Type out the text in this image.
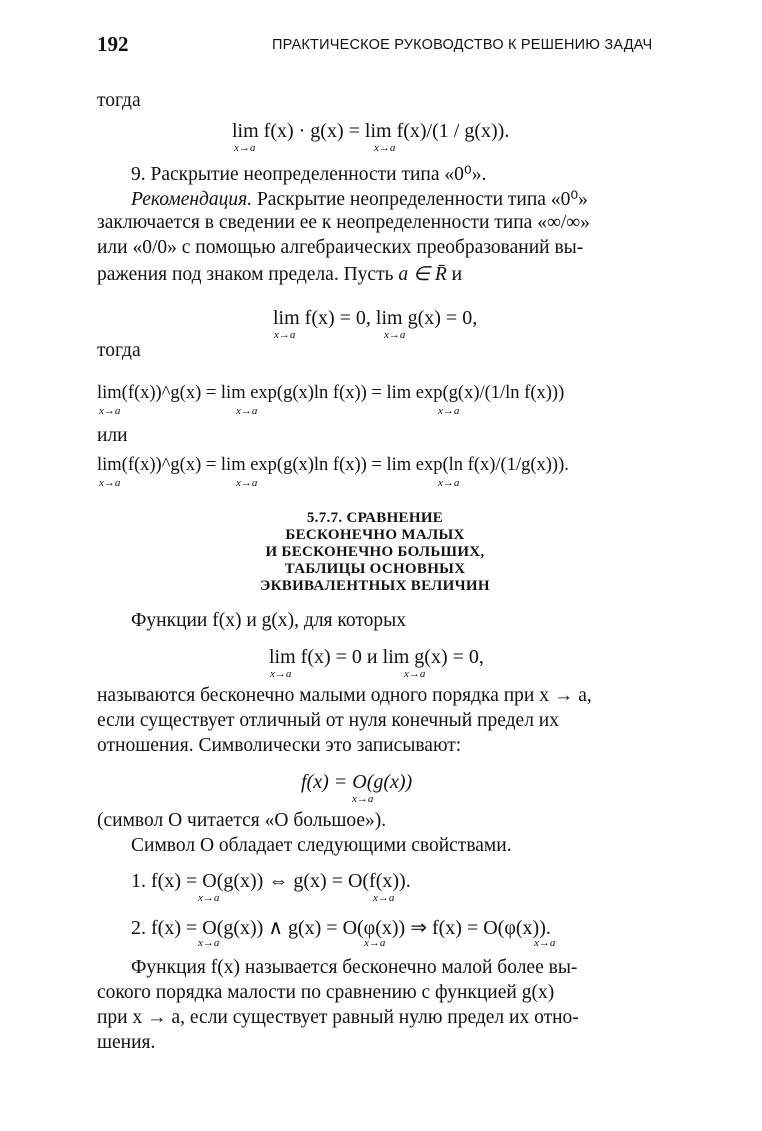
192	ПРАКТИЧЕСКОЕ РУКОВОДСТВО К РЕШЕНИЮ ЗАДАЧ
тогда
lim f(x) · g(x) = lim f(x)/(1 / g(x)).
x→a	x→a
9. Раскрытие неопределенности типа «0⁰».
Рекомендация. Раскрытие неопределенности типа «0⁰»
заключается в сведении ее к неопределенности типа «∞/∞»
или «0/0» с помощью алгебраических преобразований вы-
ражения под знаком предела. Пусть a ∈ R̄ и
lim f(x) = 0, lim g(x) = 0,
x→a	x→a
тогда
lim(f(x))^g(x) = lim exp(g(x)ln f(x)) = lim exp(g(x)/(1/ln f(x)))
x→a	x→a	x→a
или
lim(f(x))^g(x) = lim exp(g(x)ln f(x)) = lim exp(ln f(x)/(1/g(x))).
x→a	x→a	x→a
5.7.7. СРАВНЕНИЕ
БЕСКОНЕЧНО МАЛЫХ
И БЕСКОНЕЧНО БОЛЬШИХ,
ТАБЛИЦЫ ОСНОВНЫХ
ЭКВИВАЛЕНТНЫХ ВЕЛИЧИН
Функции f(x) и g(x), для которых
lim f(x) = 0 и lim g(x) = 0,
x→a	x→a
называются бесконечно малыми одного порядка при x → a,
если существует отличный от нуля конечный предел их
отношения. Символически это записывают:
f(x) = O(g(x))
x→a
(символ O читается «O большое»).
Символ O обладает следующими свойствами.
1. f(x) = O(g(x)) ⇔ g(x) = O(f(x)).
x→a	x→a
2. f(x) = O(g(x)) ∧ g(x) = O(φ(x)) ⇒ f(x) = O(φ(x)).
x→a	x→a	x→a
Функция f(x) называется бесконечно малой более вы-
сокого порядка малости по сравнению с функцией g(x)
при x → a, если существует равный нулю предел их отно-
шения.
